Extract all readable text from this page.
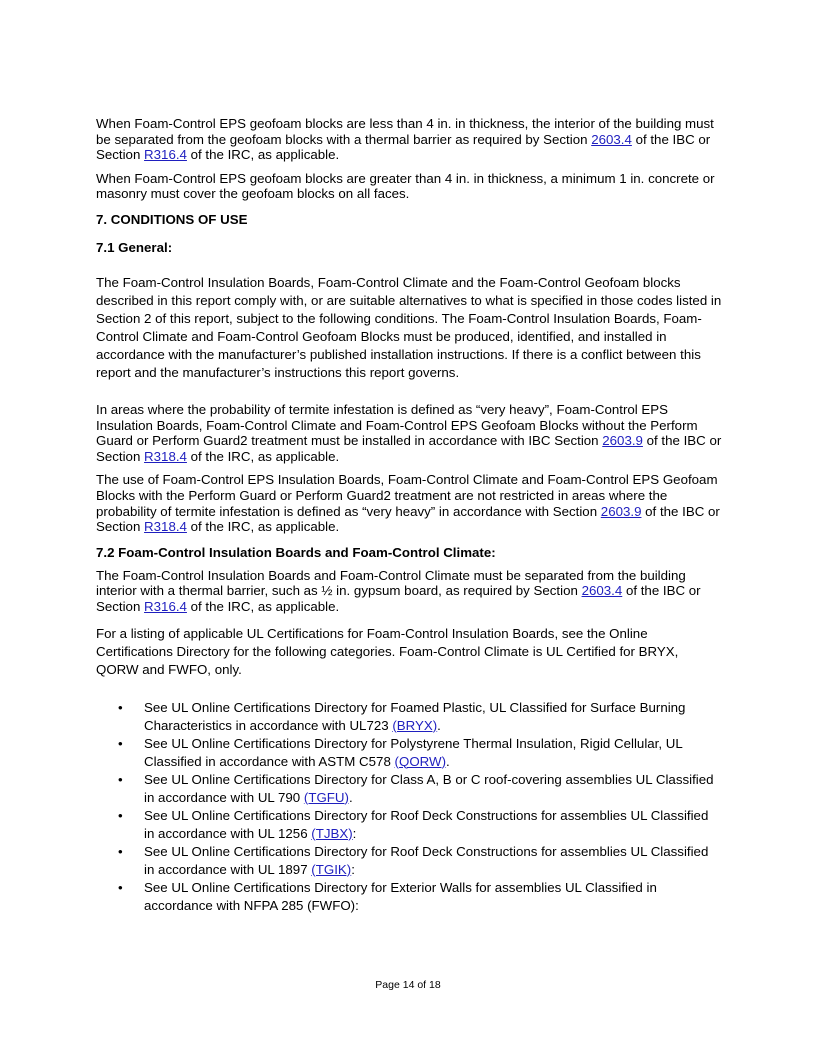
When Foam-Control EPS geofoam blocks are less than 4 in. in thickness, the interior of the building must be separated from the geofoam blocks with a thermal barrier as required by Section 2603.4 of the IBC or Section R316.4 of the IRC, as applicable.

When Foam-Control EPS geofoam blocks are greater than 4 in. in thickness, a minimum 1 in. concrete or masonry must cover the geofoam blocks on all faces.

7. CONDITIONS OF USE

7.1 General:

The Foam-Control Insulation Boards, Foam-Control Climate and the Foam-Control Geofoam blocks described in this report comply with, or are suitable alternatives to what is specified in those codes listed in Section 2 of this report, subject to the following conditions. The Foam-Control Insulation Boards, Foam-Control Climate and Foam-Control Geofoam Blocks must be produced, identified, and installed in accordance with the manufacturer’s published installation instructions. If there is a conflict between this report and the manufacturer’s instructions this report governs.

In areas where the probability of termite infestation is defined as “very heavy”, Foam-Control EPS Insulation Boards, Foam-Control Climate and Foam-Control EPS Geofoam Blocks without the Perform Guard or Perform Guard2 treatment must be installed in accordance with IBC Section 2603.9 of the IBC or Section R318.4 of the IRC, as applicable.

The use of Foam-Control EPS Insulation Boards, Foam-Control Climate and Foam-Control EPS Geofoam Blocks with the Perform Guard or Perform Guard2 treatment are not restricted in areas where the probability of termite infestation is defined as “very heavy” in accordance with Section 2603.9 of the IBC or Section R318.4 of the IRC, as applicable.

7.2 Foam-Control Insulation Boards and Foam-Control Climate:

The Foam-Control Insulation Boards and Foam-Control Climate must be separated from the building interior with a thermal barrier, such as ½ in. gypsum board, as required by Section 2603.4 of the IBC or Section R316.4 of the IRC, as applicable.

For a listing of applicable UL Certifications for Foam-Control Insulation Boards, see the Online Certifications Directory for the following categories. Foam-Control Climate is UL Certified for BRYX, QORW and FWFO, only.

• See UL Online Certifications Directory for Foamed Plastic, UL Classified for Surface Burning Characteristics in accordance with UL723 (BRYX).
• See UL Online Certifications Directory for Polystyrene Thermal Insulation, Rigid Cellular, UL Classified in accordance with ASTM C578 (QORW).
• See UL Online Certifications Directory for Class A, B or C roof-covering assemblies UL Classified in accordance with UL 790 (TGFU).
• See UL Online Certifications Directory for Roof Deck Constructions for assemblies UL Classified in accordance with UL 1256 (TJBX):
• See UL Online Certifications Directory for Roof Deck Constructions for assemblies UL Classified in accordance with UL 1897 (TGIK):
• See UL Online Certifications Directory for Exterior Walls for assemblies UL Classified in accordance with NFPA 285 (FWFO):
Page 14 of 18
